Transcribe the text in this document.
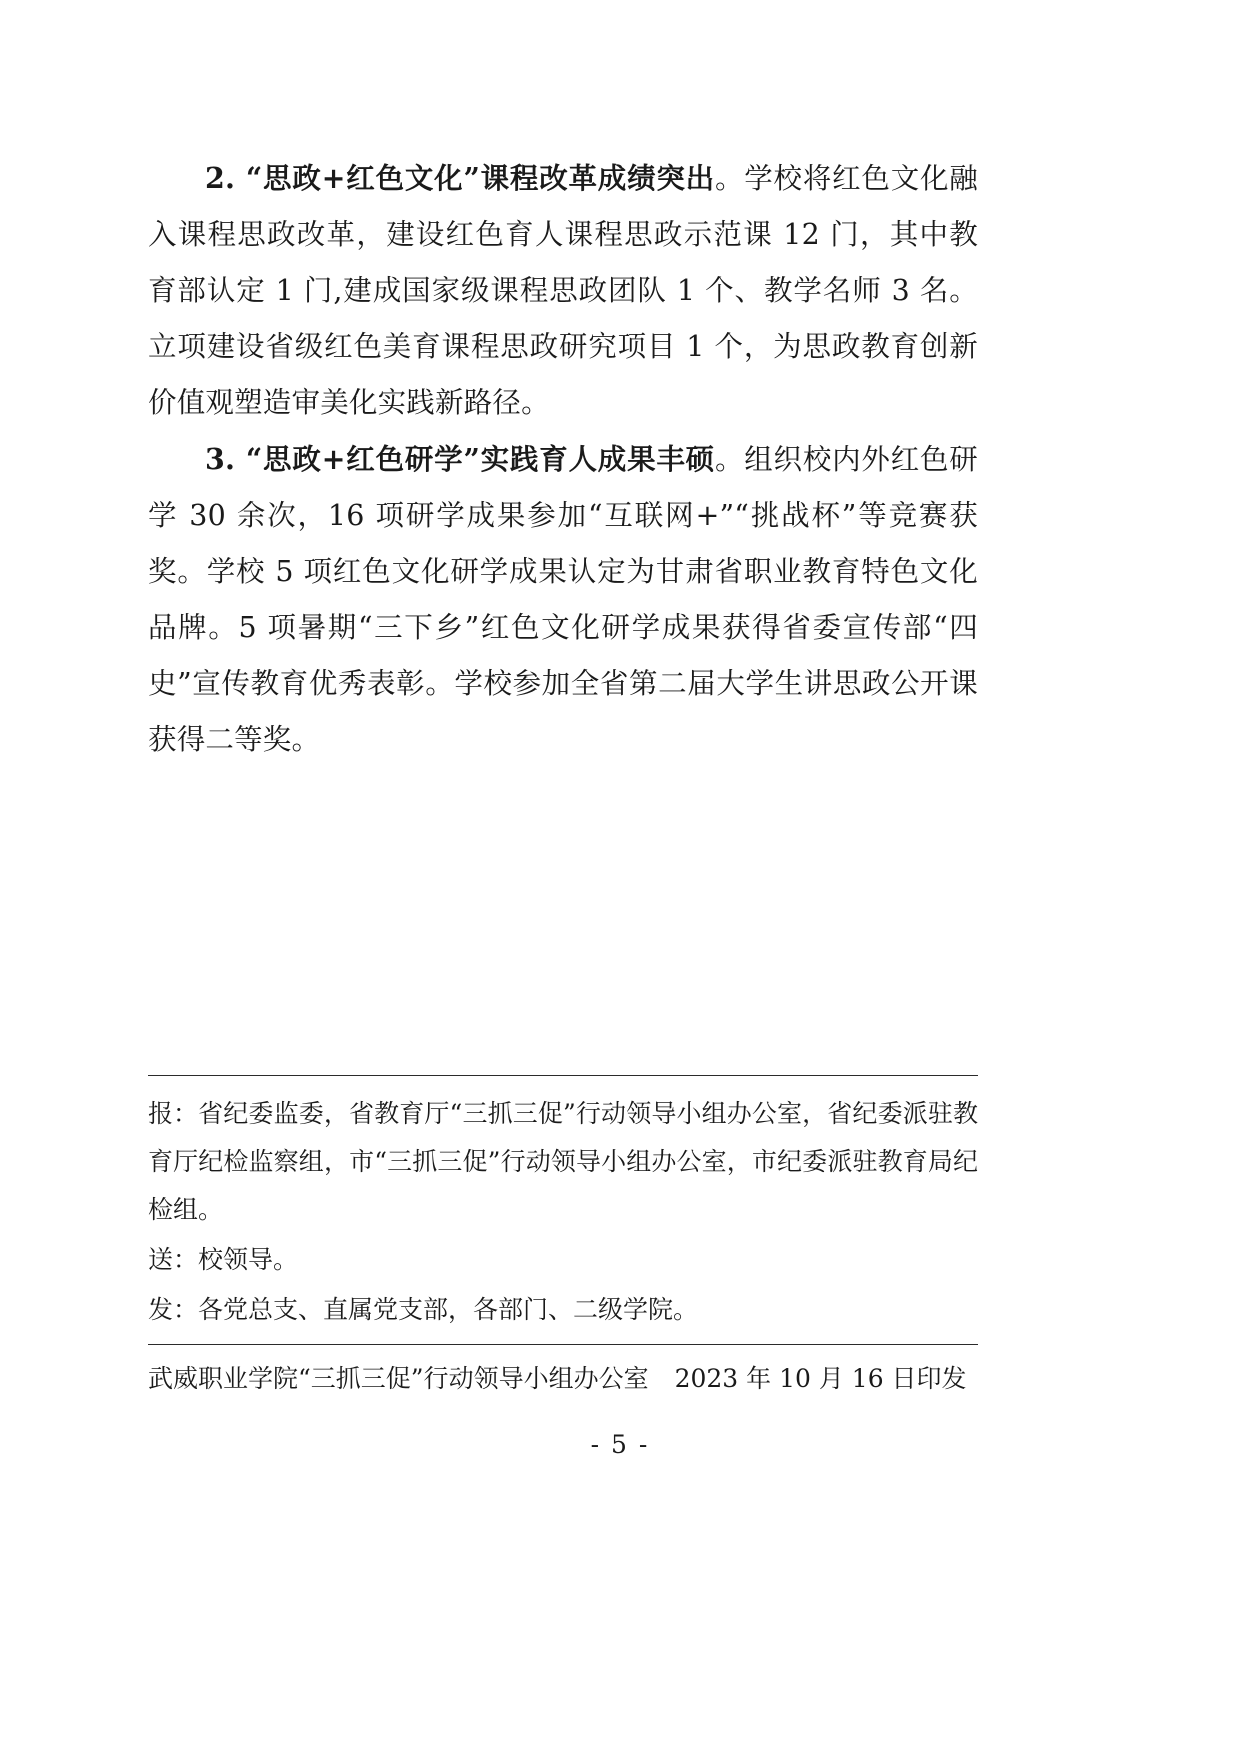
2. “思政+红色文化”课程改革成绩突出。学校将红色文化融入课程思政改革，建设红色育人课程思政示范课 12 门，其中教育部认定 1 门,建成国家级课程思政团队 1 个、教学名师 3 名。立项建设省级红色美育课程思政研究项目 1 个，为思政教育创新价值观塑造审美化实践新路径。

3. “思政+红色研学”实践育人成果丰硕。组织校内外红色研学 30 余次，16 项研学成果参加“互联网+”“挑战杯”等竞赛获奖。学校 5 项红色文化研学成果认定为甘肃省职业教育特色文化品牌。5 项暑期“三下乡”红色文化研学成果获得省委宣传部“四史”宣传教育优秀表彰。学校参加全省第二届大学生讲思政公开课获得二等奖。

报：省纪委监委，省教育厅“三抓三促”行动领导小组办公室，省纪委派驻教育厅纪检监察组，市“三抓三促”行动领导小组办公室，市纪委派驻教育局纪检组。

送：校领导。

发：各党总支、直属党支部，各部门、二级学院。

武威职业学院“三抓三促”行动领导小组办公室 2023 年 10 月 16 日印发

- 5 -
